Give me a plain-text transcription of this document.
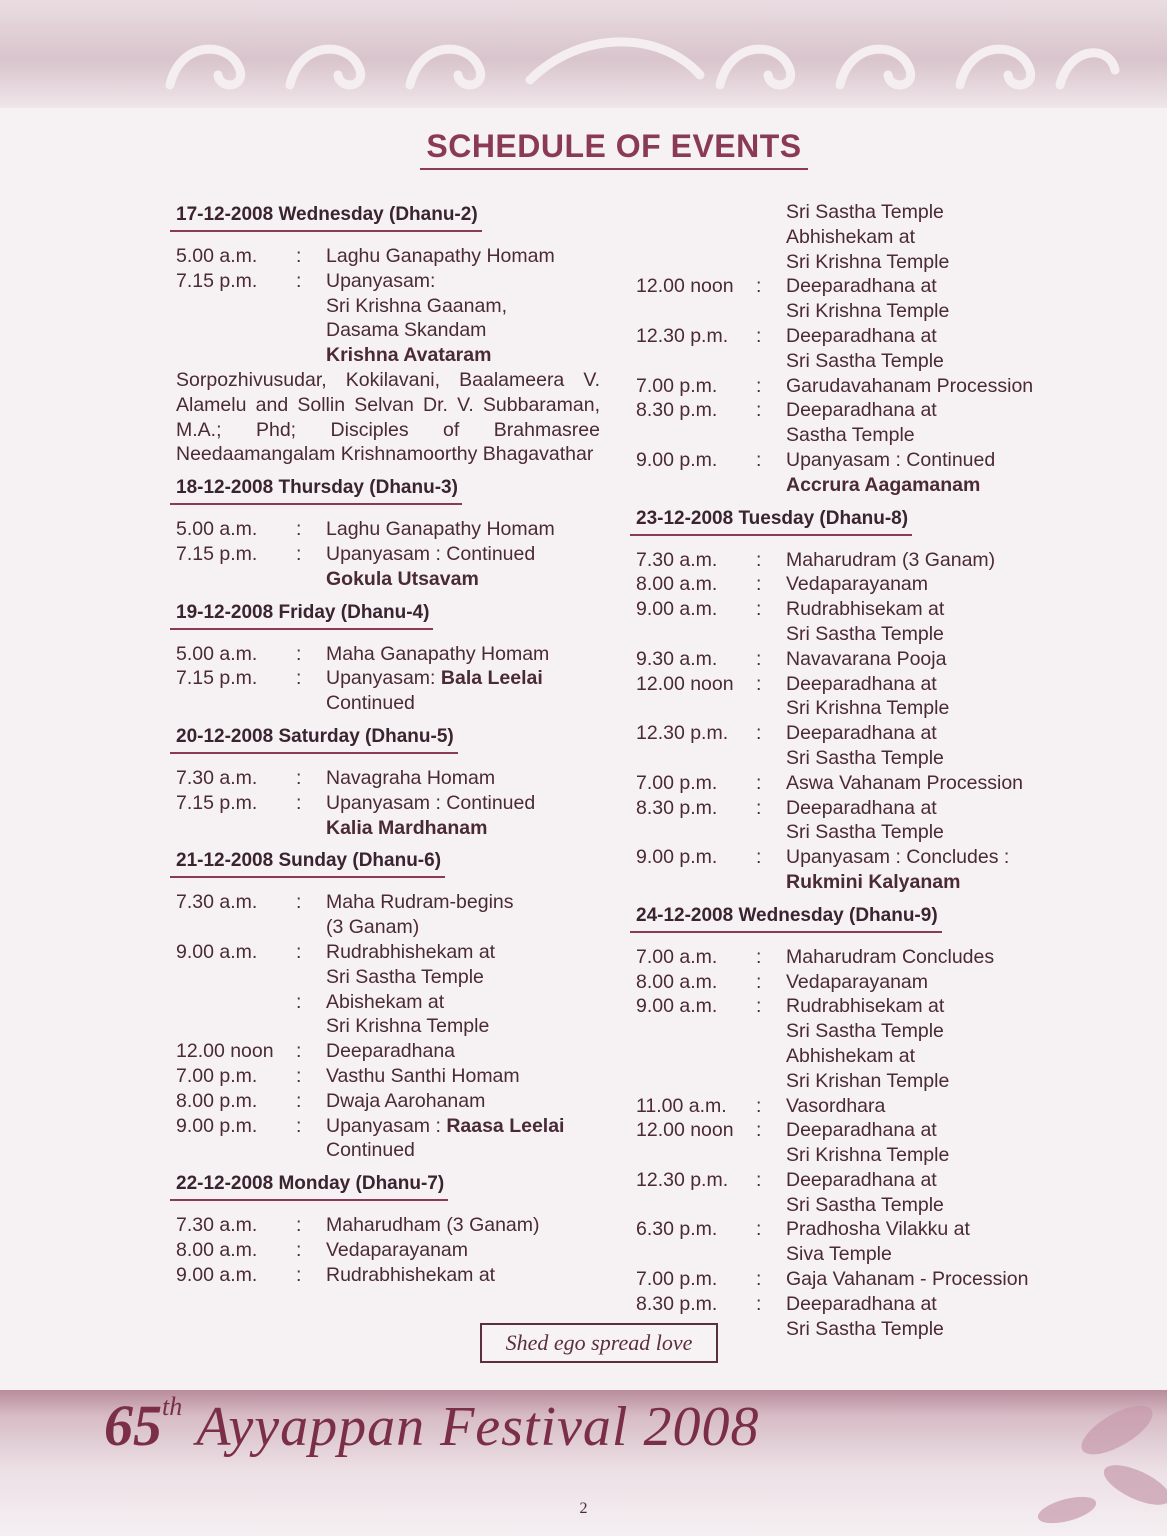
SCHEDULE OF EVENTS
17-12-2008 Wednesday (Dhanu-2)
5.00 a.m. : Laghu Ganapathy Homam
7.15 p.m. : Upanyasam:
Sri Krishna Gaanam,
Dasama Skandam
Krishna Avataram
Sorpozhivusudar, Kokilavani, Baalameera V. Alamelu and Sollin Selvan Dr. V. Subbaraman, M.A.; Phd; Disciples of Brahmasree Needaamangalam Krishnamoorthy Bhagavathar
18-12-2008 Thursday (Dhanu-3)
5.00 a.m. : Laghu Ganapathy Homam
7.15 p.m. : Upanyasam : Continued
Gokula Utsavam
19-12-2008 Friday (Dhanu-4)
5.00 a.m. : Maha Ganapathy Homam
7.15 p.m. : Upanyasam: Bala Leelai
Continued
20-12-2008 Saturday (Dhanu-5)
7.30 a.m. : Navagraha Homam
7.15 p.m. : Upanyasam : Continued
Kalia Mardhanam
21-12-2008 Sunday (Dhanu-6)
7.30 a.m. : Maha Rudram-begins
(3 Ganam)
9.00 a.m. : Rudrabhishekam at
Sri Sastha Temple
: Abishekam at
Sri Krishna Temple
12.00 noon : Deeparadhana
7.00 p.m. : Vasthu Santhi Homam
8.00 p.m. : Dwaja Aarohanam
9.00 p.m. : Upanyasam : Raasa Leelai
Continued
22-12-2008 Monday (Dhanu-7)
7.30 a.m. : Maharudham (3 Ganam)
8.00 a.m. : Vedaparayanam
9.00 a.m. : Rudrabhishekam at
Sri Sastha Temple
Abhishekam at
Sri Krishna Temple
12.00 noon : Deeparadhana at
Sri Krishna Temple
12.30 p.m. : Deeparadhana at
Sri Sastha Temple
7.00 p.m. : Garudavahanam Procession
8.30 p.m. : Deeparadhana at
Sastha Temple
9.00 p.m. : Upanyasam : Continued
Accrura Aagamanam
23-12-2008 Tuesday (Dhanu-8)
7.30 a.m. : Maharudram (3 Ganam)
8.00 a.m. : Vedaparayanam
9.00 a.m. : Rudrabhisekam at
Sri Sastha Temple
9.30 a.m. : Navavarana Pooja
12.00 noon : Deeparadhana at
Sri Krishna Temple
12.30 p.m. : Deeparadhana at
Sri Sastha Temple
7.00 p.m. : Aswa Vahanam Procession
8.30 p.m. : Deeparadhana at
Sri Sastha Temple
9.00 p.m. : Upanyasam : Concludes :
Rukmini Kalyanam
24-12-2008 Wednesday (Dhanu-9)
7.00 a.m. : Maharudram Concludes
8.00 a.m. : Vedaparayanam
9.00 a.m. : Rudrabhisekam at
Sri Sastha Temple
Abhishekam at
Sri Krishan Temple
11.00 a.m. : Vasordhara
12.00 noon : Deeparadhana at
Sri Krishna Temple
12.30 p.m. : Deeparadhana at
Sri Sastha Temple
6.30 p.m. : Pradhosha Vilakku at
Siva Temple
7.00 p.m. : Gaja Vahanam - Procession
8.30 p.m. : Deeparadhana at
Sri Sastha Temple
Shed ego spread love
65th Ayyappan Festival 2008
2
